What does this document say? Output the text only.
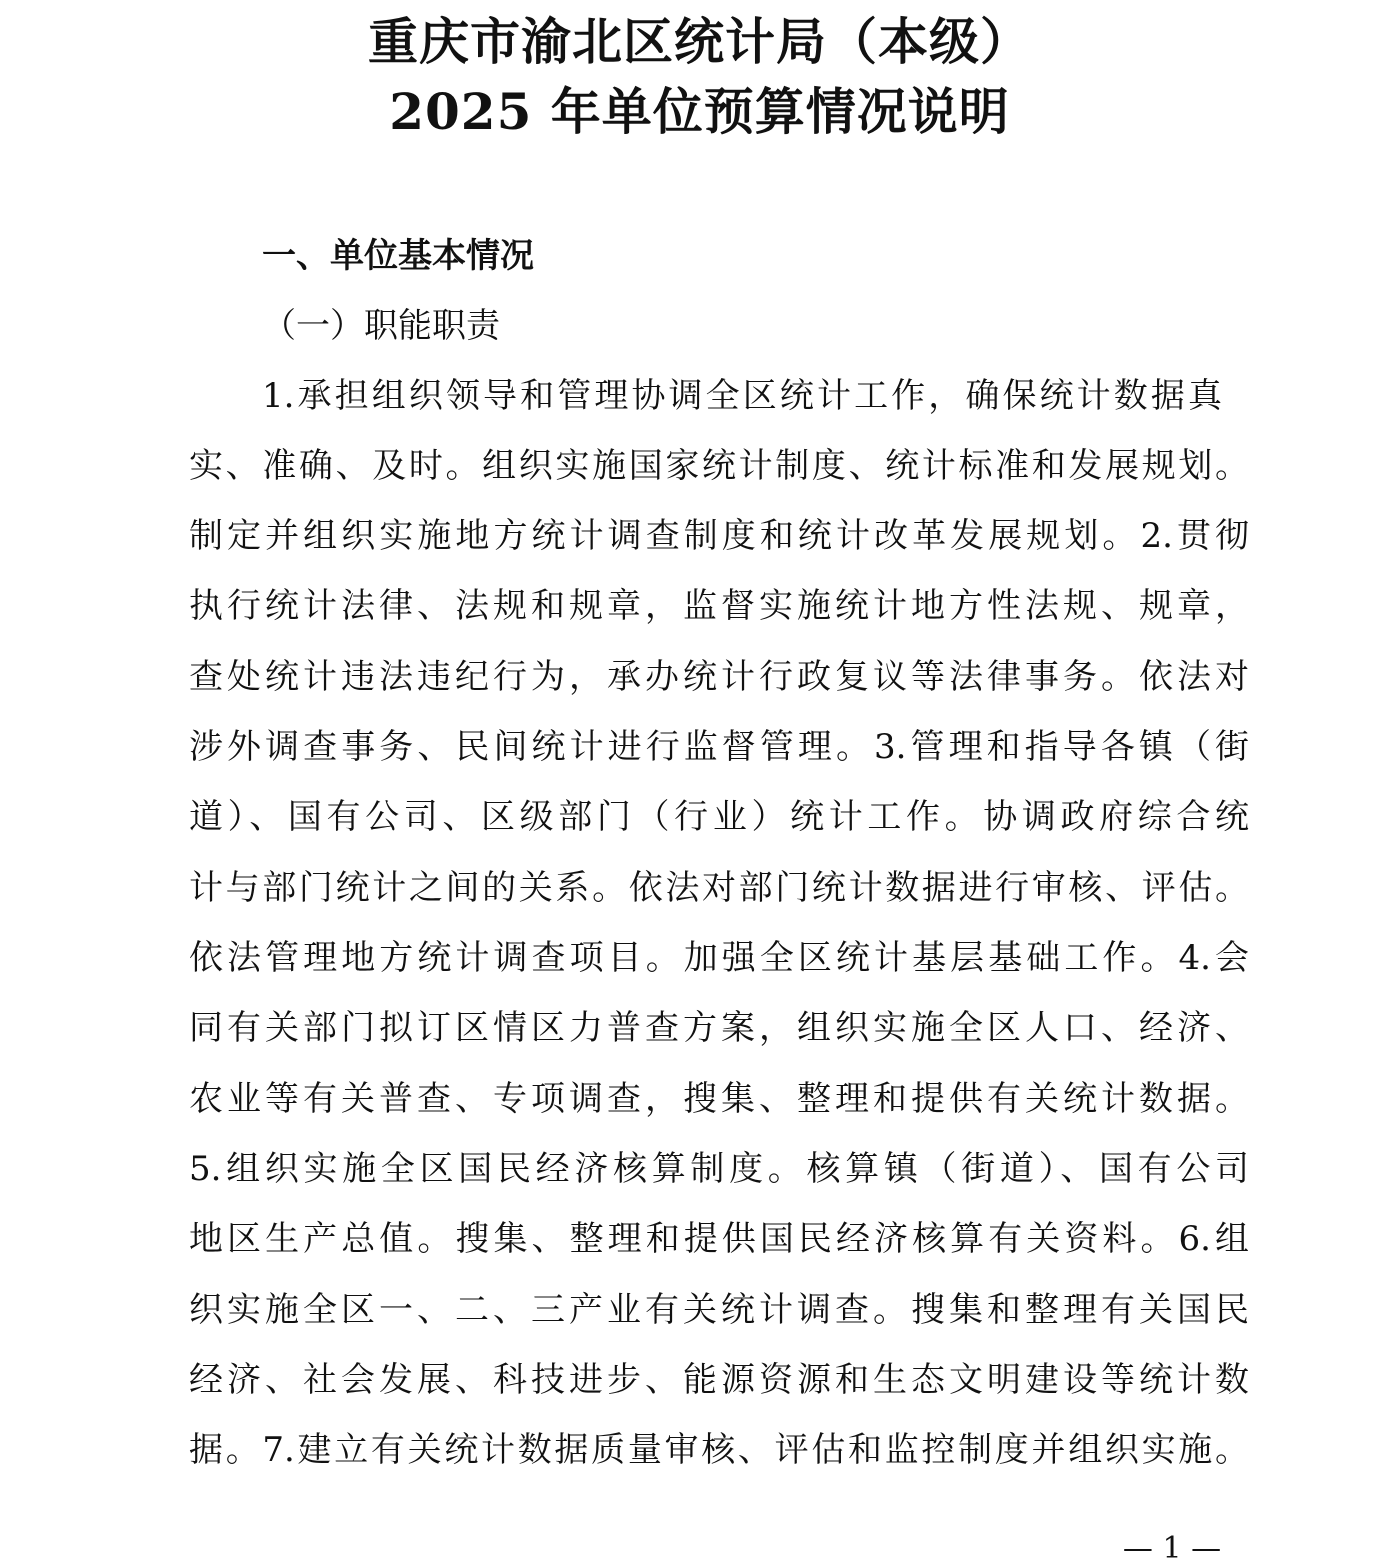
重庆市渝北区统计局（本级）
2025 年单位预算情况说明
一、单位基本情况
（一）职能职责
1.承担组织领导和管理协调全区统计工作，确保统计数据真
实、准确、及时。组织实施国家统计制度、统计标准和发展规划。
制定并组织实施地方统计调查制度和统计改革发展规划。2.贯彻
执行统计法律、法规和规章，监督实施统计地方性法规、规章，
查处统计违法违纪行为，承办统计行政复议等法律事务。依法对
涉外调查事务、民间统计进行监督管理。3.管理和指导各镇（街
道）、国有公司、区级部门（行业）统计工作。协调政府综合统
计与部门统计之间的关系。依法对部门统计数据进行审核、评估。
依法管理地方统计调查项目。加强全区统计基层基础工作。4.会
同有关部门拟订区情区力普查方案，组织实施全区人口、经济、
农业等有关普查、专项调查，搜集、整理和提供有关统计数据。
5.组织实施全区国民经济核算制度。核算镇（街道）、国有公司
地区生产总值。搜集、整理和提供国民经济核算有关资料。6.组
织实施全区一、二、三产业有关统计调查。搜集和整理有关国民
经济、社会发展、科技进步、能源资源和生态文明建设等统计数
据。7.建立有关统计数据质量审核、评估和监控制度并组织实施。
— 1 —
